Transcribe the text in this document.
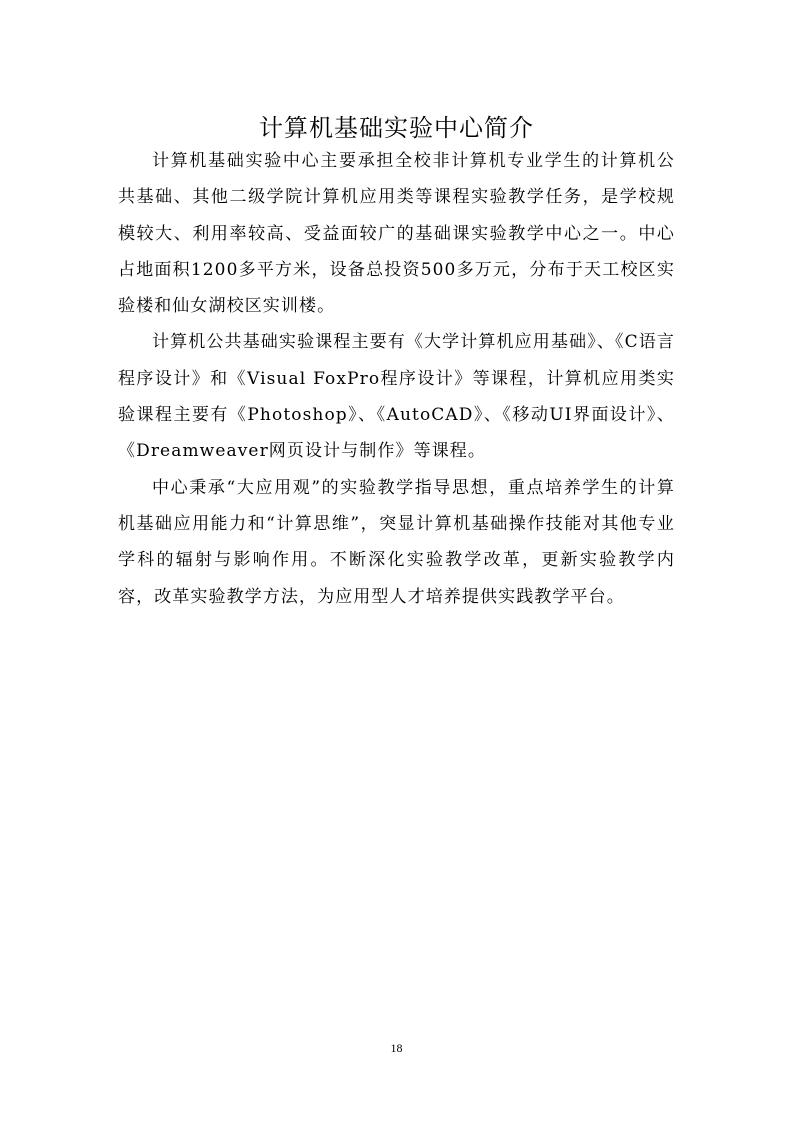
计算机基础实验中心简介

计算机基础实验中心主要承担全校非计算机专业学生的计算机公共基础、其他二级学院计算机应用类等课程实验教学任务，是学校规模较大、利用率较高、受益面较广的基础课实验教学中心之一。中心占地面积1200多平方米，设备总投资500多万元，分布于天工校区实验楼和仙女湖校区实训楼。

计算机公共基础实验课程主要有《大学计算机应用基础》、《C语言程序设计》和《Visual FoxPro程序设计》等课程，计算机应用类实验课程主要有《Photoshop》、《AutoCAD》、《移动UI界面设计》、《Dreamweaver网页设计与制作》等课程。

中心秉承“大应用观”的实验教学指导思想，重点培养学生的计算机基础应用能力和“计算思维”，突显计算机基础操作技能对其他专业学科的辐射与影响作用。不断深化实验教学改革，更新实验教学内容，改革实验教学方法，为应用型人才培养提供实践教学平台。

18
